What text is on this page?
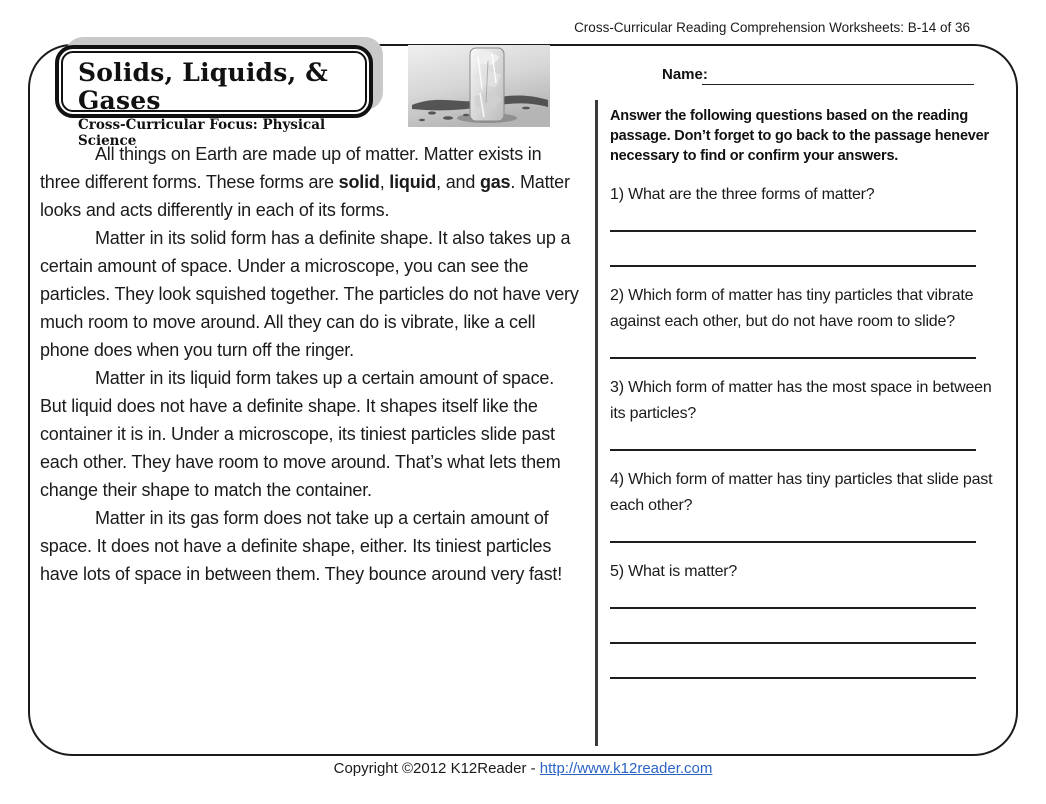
Cross-Curricular Reading Comprehension Worksheets: B-14 of 36
Solids, Liquids, & Gases
Cross-Curricular Focus: Physical Science
Name:

All things on Earth are made up of matter. Matter exists in three different forms. These forms are solid, liquid, and gas. Matter looks and acts differently in each of its forms.

Matter in its solid form has a definite shape. It also takes up a certain amount of space. Under a microscope, you can see the particles. They look squished together. The particles do not have very much room to move around. All they can do is vibrate, like a cell phone does when you turn off the ringer.

Matter in its liquid form takes up a certain amount of space. But liquid does not have a definite shape. It shapes itself like the container it is in. Under a microscope, its tiniest particles slide past each other. They have room to move around. That’s what lets them change their shape to match the container.

Matter in its gas form does not take up a certain amount of space. It does not have a definite shape, either. Its tiniest particles have lots of space in between them. They bounce around very fast!

Answer the following questions based on the reading passage. Don’t forget to go back to the passage henever necessary to find or confirm your answers.
1) What are the three forms of matter?
2) Which form of matter has tiny particles that vibrate against each other, but do not have room to slide?
3) Which form of matter has the most space in between its particles?
4) Which form of matter has tiny particles that slide past each other?
5) What is matter?
Copyright ©2012 K12Reader - http://www.k12reader.com
